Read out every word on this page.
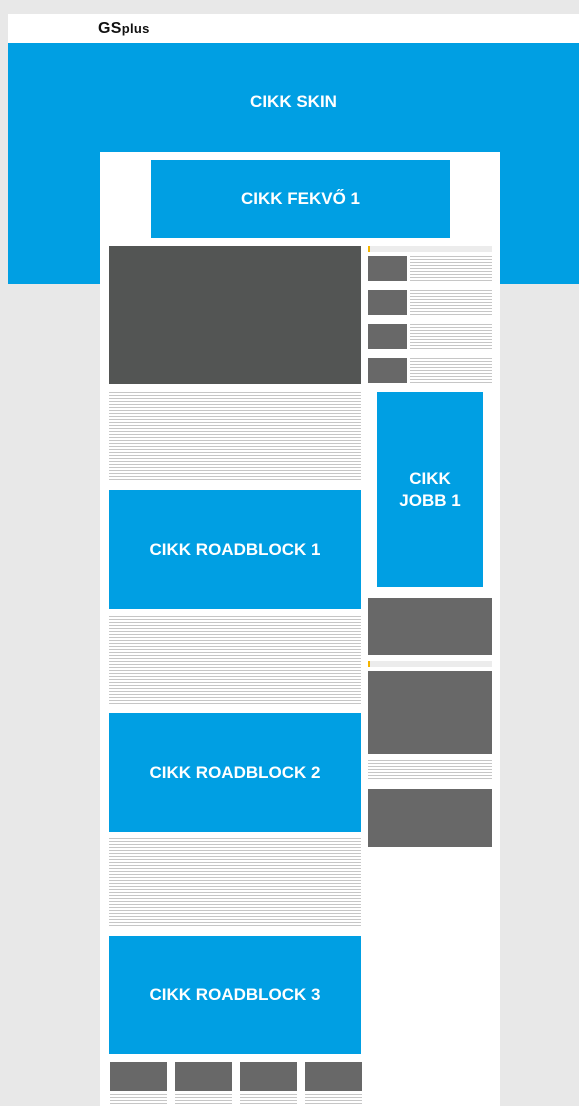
GSplus
CIKK SKIN
CIKK FEKVŐ 1
CIKK ROADBLOCK 1
CIKK
JOBB 1
CIKK ROADBLOCK 2
CIKK ROADBLOCK 3
